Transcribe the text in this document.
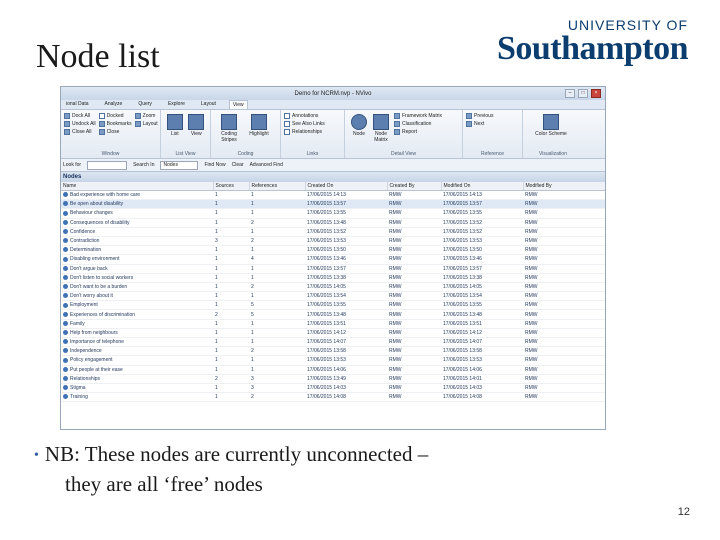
Node list
UNIVERSITY OF
Southampton
Demo for NCRM.nvp - NVivo	–	□	×
ional Data	Analyze	Query	Explore	Layout	View
Dock All
Undock All
Close All
Docked
Bookmarks
Close
Zoom
Layout
Window
List View
List View
Coding Stripes
Highlight
Coding
Annotations
See Also Links
Relationships
Links
Node	Node Matrix
Framework Matrix
Classification
Report
Detail View
Previous
Next
Reference
Color Scheme
Visualization
Look for	Search In	Nodes	Find Now Clear Advanced Find
Nodes
Name	Sources	References	Created On	Created By	Modified On	Modified By
Bad experience with home care	1	1	17/06/2015 14:13	RMW	17/06/2015 14:13	RMW
Be open about disability	1	1	17/06/2015 13:57	RMW	17/06/2015 13:57	RMW
Behaviour changes	1	1	17/06/2015 13:55	RMW	17/06/2015 13:55	RMW
Consequences of disability	1	2	17/06/2015 13:48	RMW	17/06/2015 13:52	RMW
Confidence	1	1	17/06/2015 13:52	RMW	17/06/2015 13:52	RMW
Contradiction	3	2	17/06/2015 13:53	RMW	17/06/2015 13:53	RMW
Determination	1	1	17/06/2015 13:50	RMW	17/06/2015 13:50	RMW
Disabling environment	1	4	17/06/2015 13:46	RMW	17/06/2015 13:46	RMW
Don't argue back	1	1	17/06/2015 13:57	RMW	17/06/2015 13:57	RMW
Don't listen to social workers	1	1	17/06/2015 13:38	RMW	17/06/2015 13:38	RMW
Don't want to be a burden	1	2	17/06/2015 14:05	RMW	17/06/2015 14:05	RMW
Don't worry about it	1	1	17/06/2015 13:54	RMW	17/06/2015 13:54	RMW
Employment	1	5	17/06/2015 13:55	RMW	17/06/2015 13:55	RMW
Experiences of discrimination	2	5	17/06/2015 13:48	RMW	17/06/2015 13:48	RMW
Family	1	1	17/06/2015 13:51	RMW	17/06/2015 13:51	RMW
Help from neighbours	1	1	17/06/2015 14:12	RMW	17/06/2015 14:12	RMW
Importance of telephone	1	1	17/06/2015 14:07	RMW	17/06/2015 14:07	RMW
Independence	1	2	17/06/2015 13:58	RMW	17/06/2015 13:58	RMW
Policy engagement	1	1	17/06/2015 13:53	RMW	17/06/2015 13:53	RMW
Put people at their ease	1	1	17/06/2015 14:06	RMW	17/06/2015 14:06	RMW
Relationships	2	3	17/06/2015 13:49	RMW	17/06/2015 14:01	RMW
Stigma	1	3	17/06/2015 14:03	RMW	17/06/2015 14:03	RMW
Training	1	2	17/06/2015 14:08	RMW	17/06/2015 14:08	RMW
• NB: These nodes are currently unconnected –
they are all ‘free’ nodes
12
